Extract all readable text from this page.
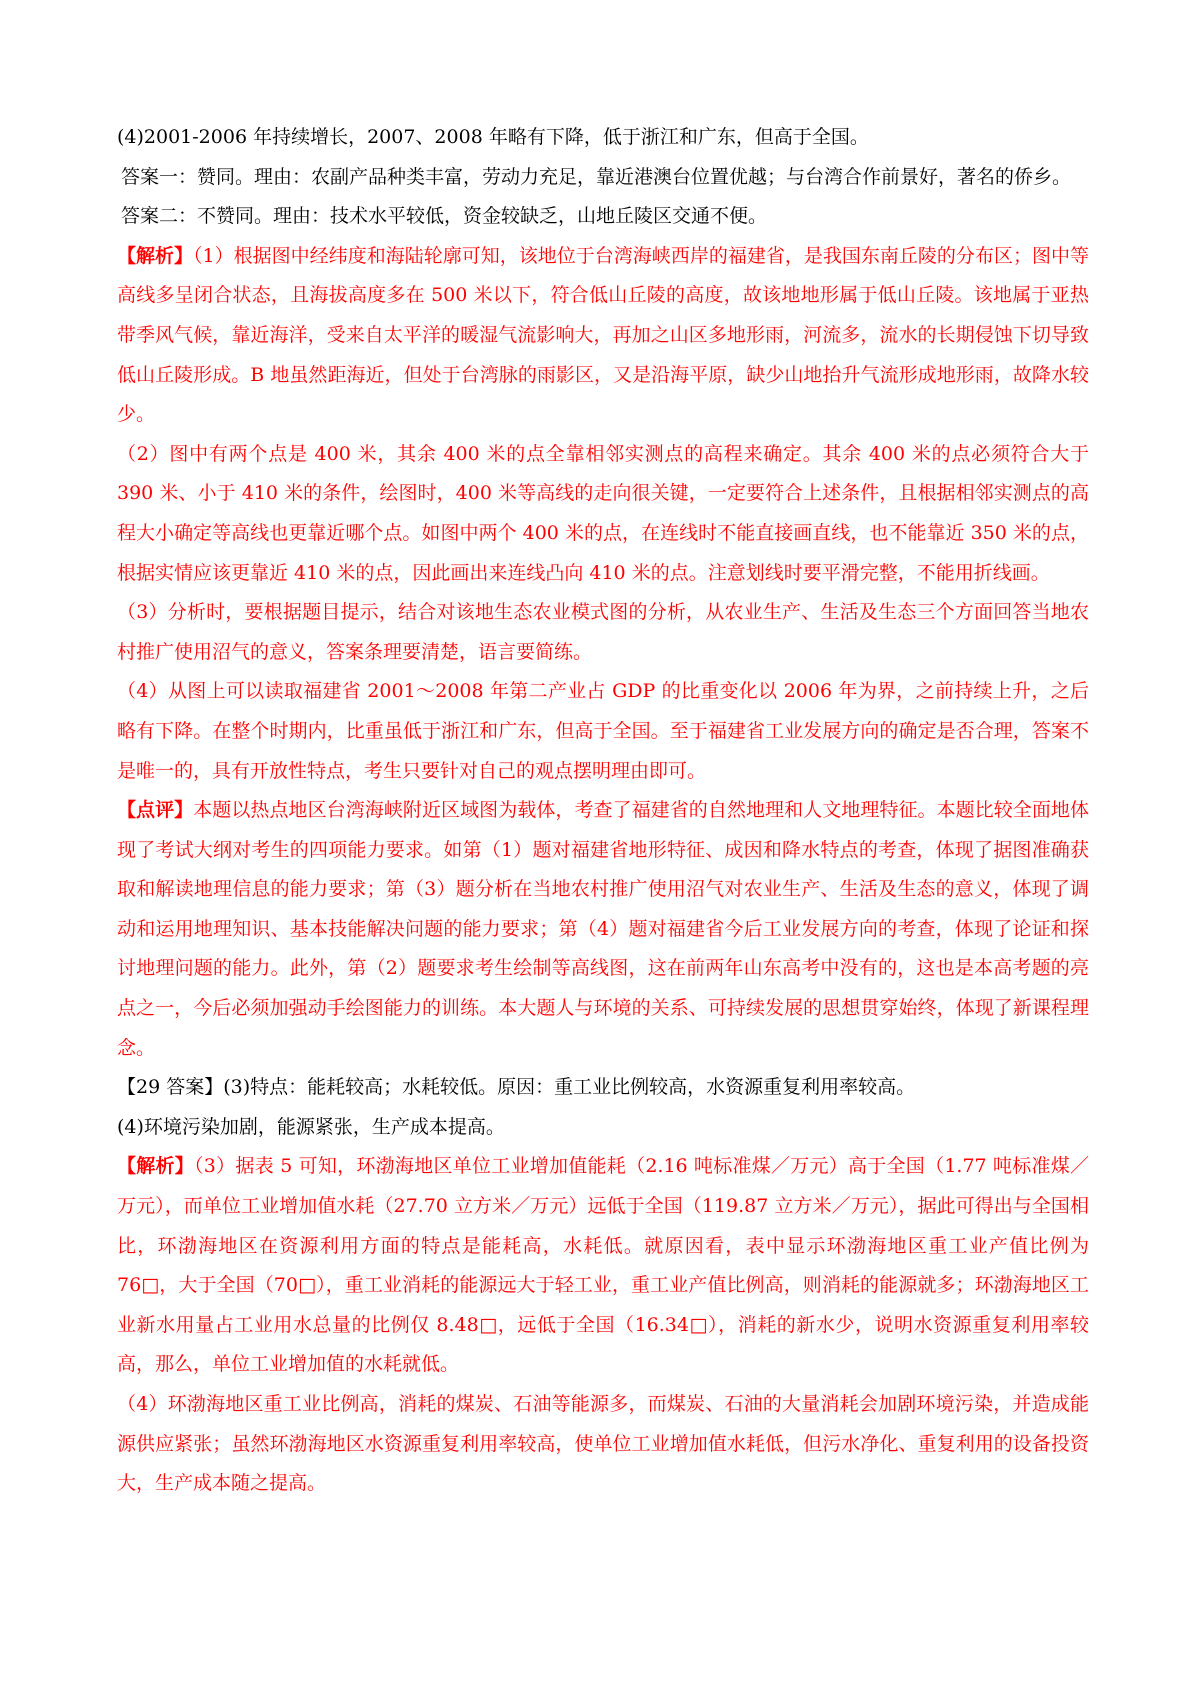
(4)2001-2006 年持续增长，2007、2008 年略有下降，低于浙江和广东，但高于全国。

答案一：赞同。理由：农副产品种类丰富，劳动力充足，靠近港澳台位置优越；与台湾合作前景好，著名的侨乡。

答案二：不赞同。理由：技术水平较低，资金较缺乏，山地丘陵区交通不便。

【解析】（1）根据图中经纬度和海陆轮廓可知，该地位于台湾海峡西岸的福建省，是我国东南丘陵的分布区；图中等高线多呈闭合状态，且海拔高度多在 500 米以下，符合低山丘陵的高度，故该地地形属于低山丘陵。该地属于亚热带季风气候，靠近海洋，受来自太平洋的暖湿气流影响大，再加之山区多地形雨，河流多，流水的长期侵蚀下切导致低山丘陵形成。B 地虽然距海近，但处于台湾脉的雨影区，又是沿海平原，缺少山地抬升气流形成地形雨，故降水较少。

（2）图中有两个点是 400 米，其余 400 米的点全靠相邻实测点的高程来确定。其余 400 米的点必须符合大于 390 米、小于 410 米的条件，绘图时，400 米等高线的走向很关键，一定要符合上述条件，且根据相邻实测点的高程大小确定等高线也更靠近哪个点。如图中两个 400 米的点，在连线时不能直接画直线，也不能靠近 350 米的点，根据实情应该更靠近 410 米的点，因此画出来连线凸向 410 米的点。注意划线时要平滑完整，不能用折线画。

（3）分析时，要根据题目提示，结合对该地生态农业模式图的分析，从农业生产、生活及生态三个方面回答当地农村推广使用沼气的意义，答案条理要清楚，语言要简练。

（4）从图上可以读取福建省 2001～2008 年第二产业占 GDP 的比重变化以 2006 年为界，之前持续上升，之后略有下降。在整个时期内，比重虽低于浙江和广东，但高于全国。至于福建省工业发展方向的确定是否合理，答案不是唯一的，具有开放性特点，考生只要针对自己的观点摆明理由即可。

【点评】本题以热点地区台湾海峡附近区域图为载体，考查了福建省的自然地理和人文地理特征。本题比较全面地体现了考试大纲对考生的四项能力要求。如第（1）题对福建省地形特征、成因和降水特点的考查，体现了据图准确获取和解读地理信息的能力要求；第（3）题分析在当地农村推广使用沼气对农业生产、生活及生态的意义，体现了调动和运用地理知识、基本技能解决问题的能力要求；第（4）题对福建省今后工业发展方向的考查，体现了论证和探讨地理问题的能力。此外，第（2）题要求考生绘制等高线图，这在前两年山东高考中没有的，这也是本高考题的亮点之一，今后必须加强动手绘图能力的训练。本大题人与环境的关系、可持续发展的思想贯穿始终，体现了新课程理念。

【29 答案】(3)特点：能耗较高；水耗较低。原因：重工业比例较高，水资源重复利用率较高。

(4)环境污染加剧，能源紧张，生产成本提高。

【解析】（3）据表 5 可知，环渤海地区单位工业增加值能耗（2.16 吨标准煤／万元）高于全国（1.77 吨标准煤／万元），而单位工业增加值水耗（27.70 立方米／万元）远低于全国（119.87 立方米／万元），据此可得出与全国相比，环渤海地区在资源利用方面的特点是能耗高，水耗低。就原因看，表中显示环渤海地区重工业产值比例为 76□，大于全国（70□），重工业消耗的能源远大于轻工业，重工业产值比例高，则消耗的能源就多；环渤海地区工业新水用量占工业用水总量的比例仅 8.48□，远低于全国（16.34□），消耗的新水少，说明水资源重复利用率较高，那么，单位工业增加值的水耗就低。

（4）环渤海地区重工业比例高，消耗的煤炭、石油等能源多，而煤炭、石油的大量消耗会加剧环境污染，并造成能源供应紧张；虽然环渤海地区水资源重复利用率较高，使单位工业增加值水耗低，但污水净化、重复利用的设备投资大，生产成本随之提高。
